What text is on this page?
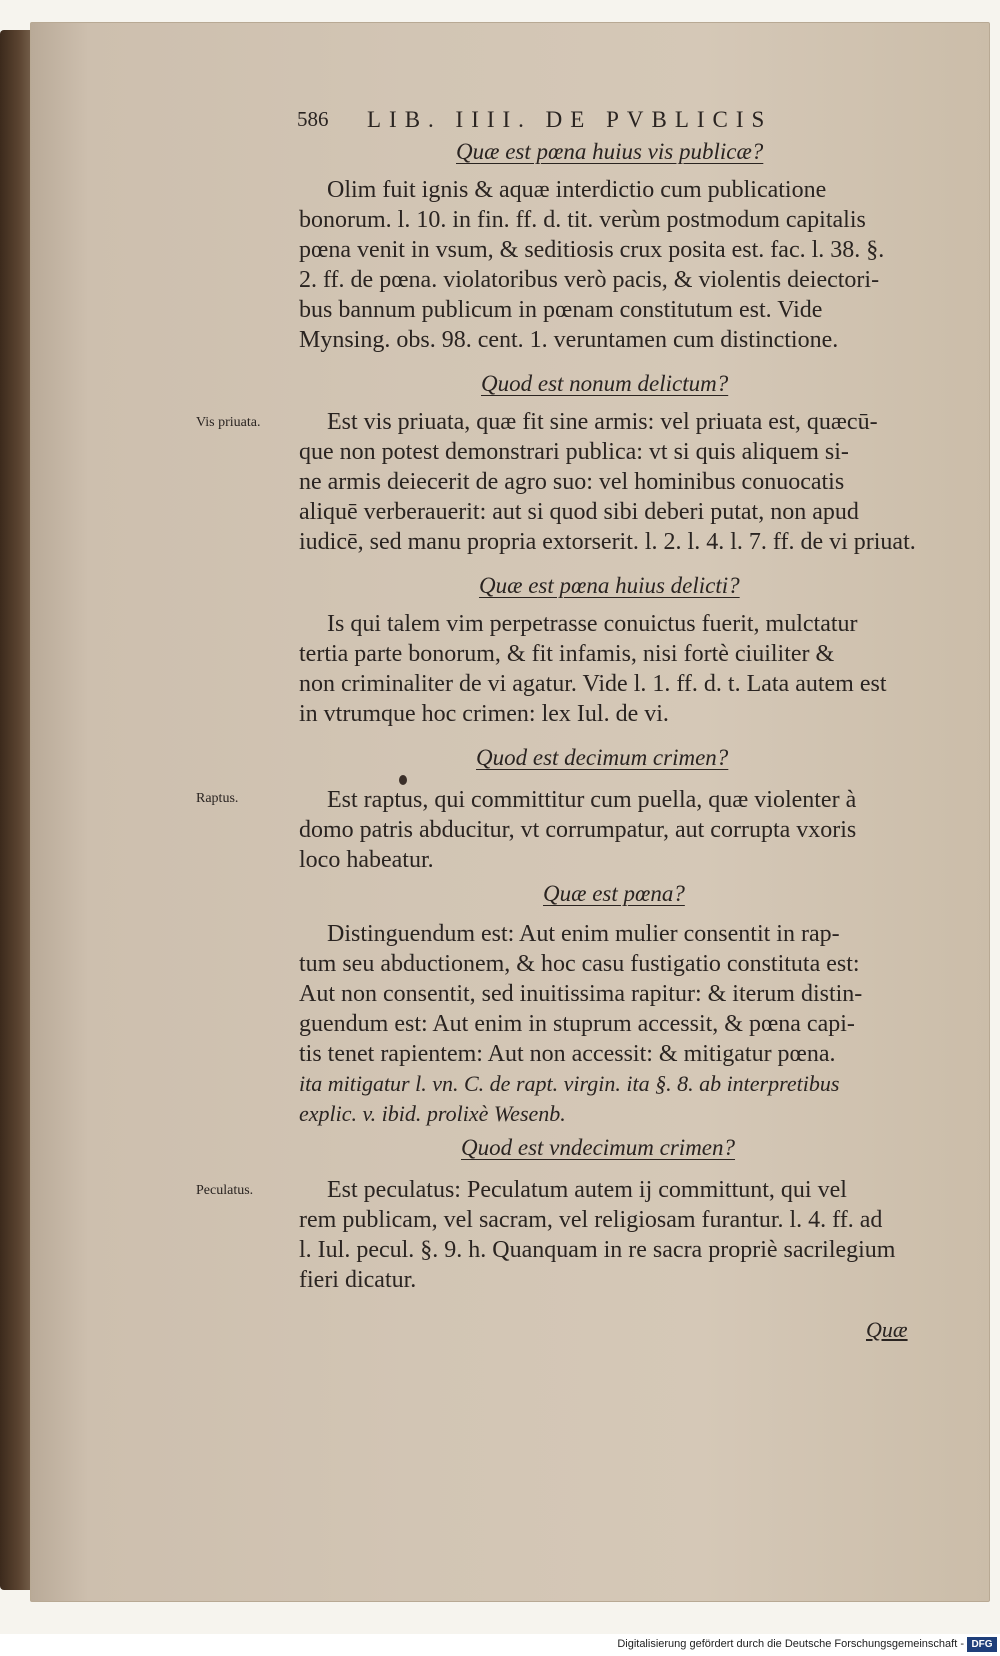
586 LIB. IIII. DE PVBLICIS
Quæ est pœna huius vis publicæ?
Olim fuit ignis & aquæ interdictio cum publicatione
bonorum. l. 10. in fin. ff. d. tit. verùm postmodum capitalis
pœna venit in vsum, & seditiosis crux posita est. fac. l. 38. §.
2. ff. de pœna. violatoribus verò pacis, & violentis deiectori-
bus bannum publicum in pœnam constitutum est. Vide
Mynsing. obs. 98. cent. 1. veruntamen cum distinctione.
Quod est nonum delictum?
Vis priuata.	Est vis priuata, quæ fit sine armis: vel priuata est, quæcū-
que non potest demonstrari publica: vt si quis aliquem si-
ne armis deiecerit de agro suo: vel hominibus conuocatis
aliquē verberauerit: aut si quod sibi deberi putat, non apud
iudicē, sed manu propria extorserit. l. 2. l. 4. l. 7. ff. de vi priuat.
Quæ est pœna huius delicti?
Is qui talem vim perpetrasse conuictus fuerit, mulctatur
tertia parte bonorum, & fit infamis, nisi fortè ciuiliter &
non criminaliter de vi agatur. Vide l. 1. ff. d. t. Lata autem est
in vtrumque hoc crimen: lex Iul. de vi.
Quod est decimum crimen?
Raptus.	Est raptus, qui committitur cum puella, quæ violenter à
domo patris abducitur, vt corrumpatur, aut corrupta vxoris
loco habeatur.
Quæ est pœna?
Distinguendum est: Aut enim mulier consentit in rap-
tum seu abductionem, & hoc casu fustigatio constituta est:
Aut non consentit, sed inuitissima rapitur: & iterum distin-
guendum est: Aut enim in stuprum accessit, & pœna capi-
tis tenet rapientem: Aut non accessit: & mitigatur pœna.
ita mitigatur l. vn. C. de rapt. virgin. ita §. 8. ab interpretibus
explic. v. ibid. prolixè Wesenb.
Quod est vndecimum crimen?
Peculatus.	Est peculatus: Peculatum autem ij committunt, qui vel
rem publicam, vel sacram, vel religiosam furantur. l. 4. ff. ad
l. Iul. pecul. §. 9. h. Quanquam in re sacra propriè sacrilegium
fieri dicatur.
Quæ
Digitalisierung gefördert durch die Deutsche Forschungsgemeinschaft - DFG
